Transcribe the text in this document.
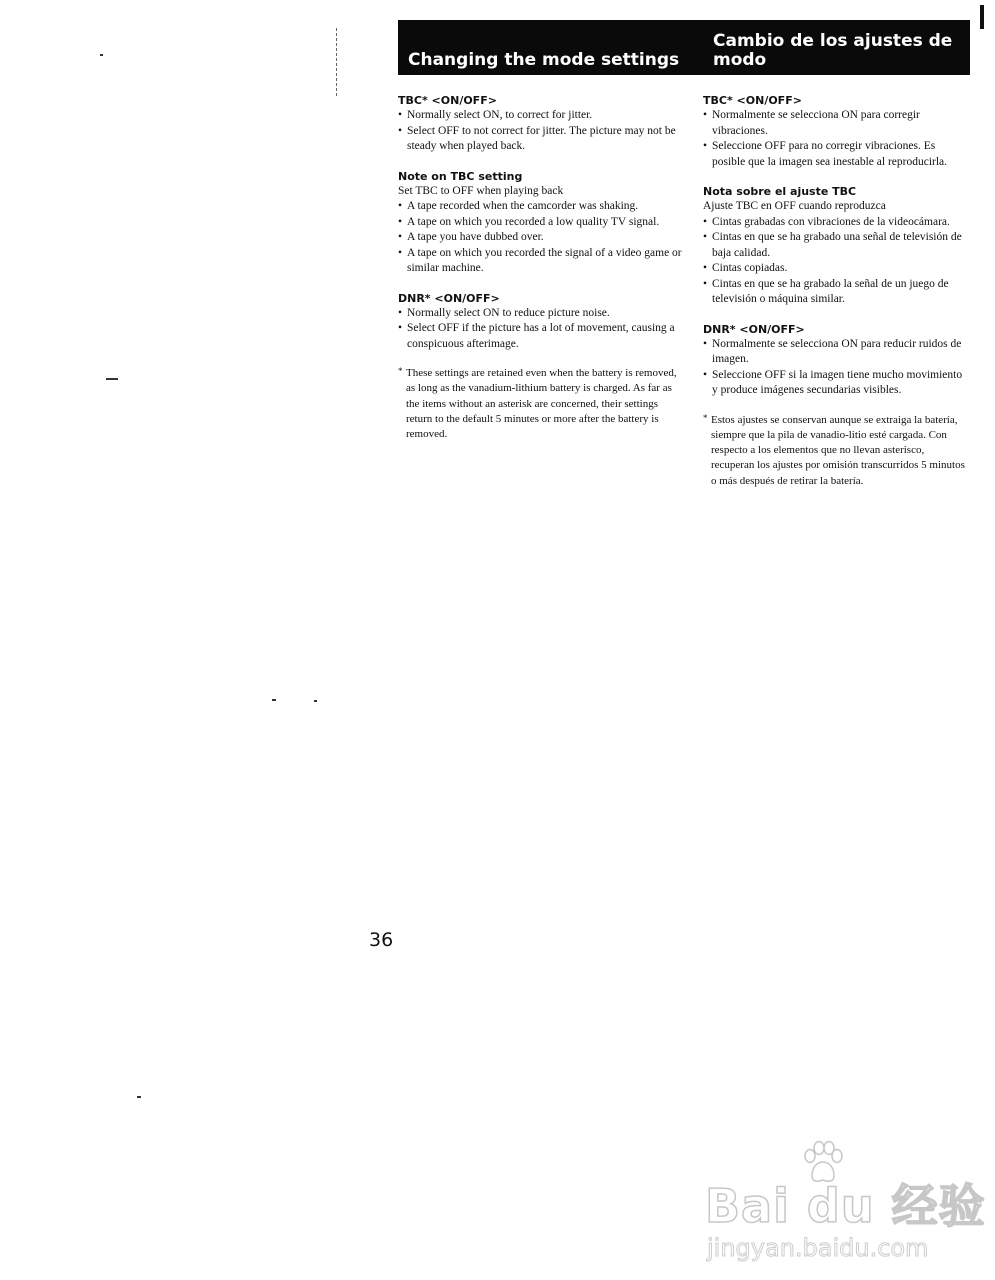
Changing the mode settings
Cambio de los ajustes de modo
TBC* <ON/OFF>
• Normally select ON, to correct for jitter.
• Select OFF to not correct for jitter. The picture may not be steady when played back.
Note on TBC setting

Set TBC to OFF when playing back

• A tape recorded when the camcorder was shaking.
• A tape on which you recorded a low quality TV signal.
• A tape you have dubbed over.
• A tape on which you recorded the signal of a video game or similar machine.
DNR* <ON/OFF>
• Normally select ON to reduce picture noise.
• Select OFF if the picture has a lot of movement, causing a conspicuous afterimage.
* These settings are retained even when the battery is removed, as long as the vanadium-lithium battery is charged. As far as the items without an asterisk are concerned, their settings return to the default 5 minutes or more after the battery is removed.
TBC* <ON/OFF>
• Normalmente se selecciona ON para corregir vibraciones.
• Seleccione OFF para no corregir vibraciones. Es posible que la imagen sea inestable al reproducirla.
Nota sobre el ajuste TBC

Ajuste TBC en OFF cuando reproduzca

• Cintas grabadas con vibraciones de la videocámara.
• Cintas en que se ha grabado una señal de televisión de baja calidad.
• Cintas copiadas.
• Cintas en que se ha grabado la señal de un juego de televisión o máquina similar.
DNR* <ON/OFF>
• Normalmente se selecciona ON para reducir ruidos de imagen.
• Seleccione OFF si la imagen tiene mucho movimiento y produce imágenes secundarias visibles.
* Estos ajustes se conservan aunque se extraiga la batería, siempre que la pila de vanadio-litio esté cargada. Con respecto a los elementos que no llevan asterisco, recuperan los ajustes por omisión transcurridos 5 minutos o más después de retirar la batería.
36
Bai du 经验
jingyan.baidu.com
